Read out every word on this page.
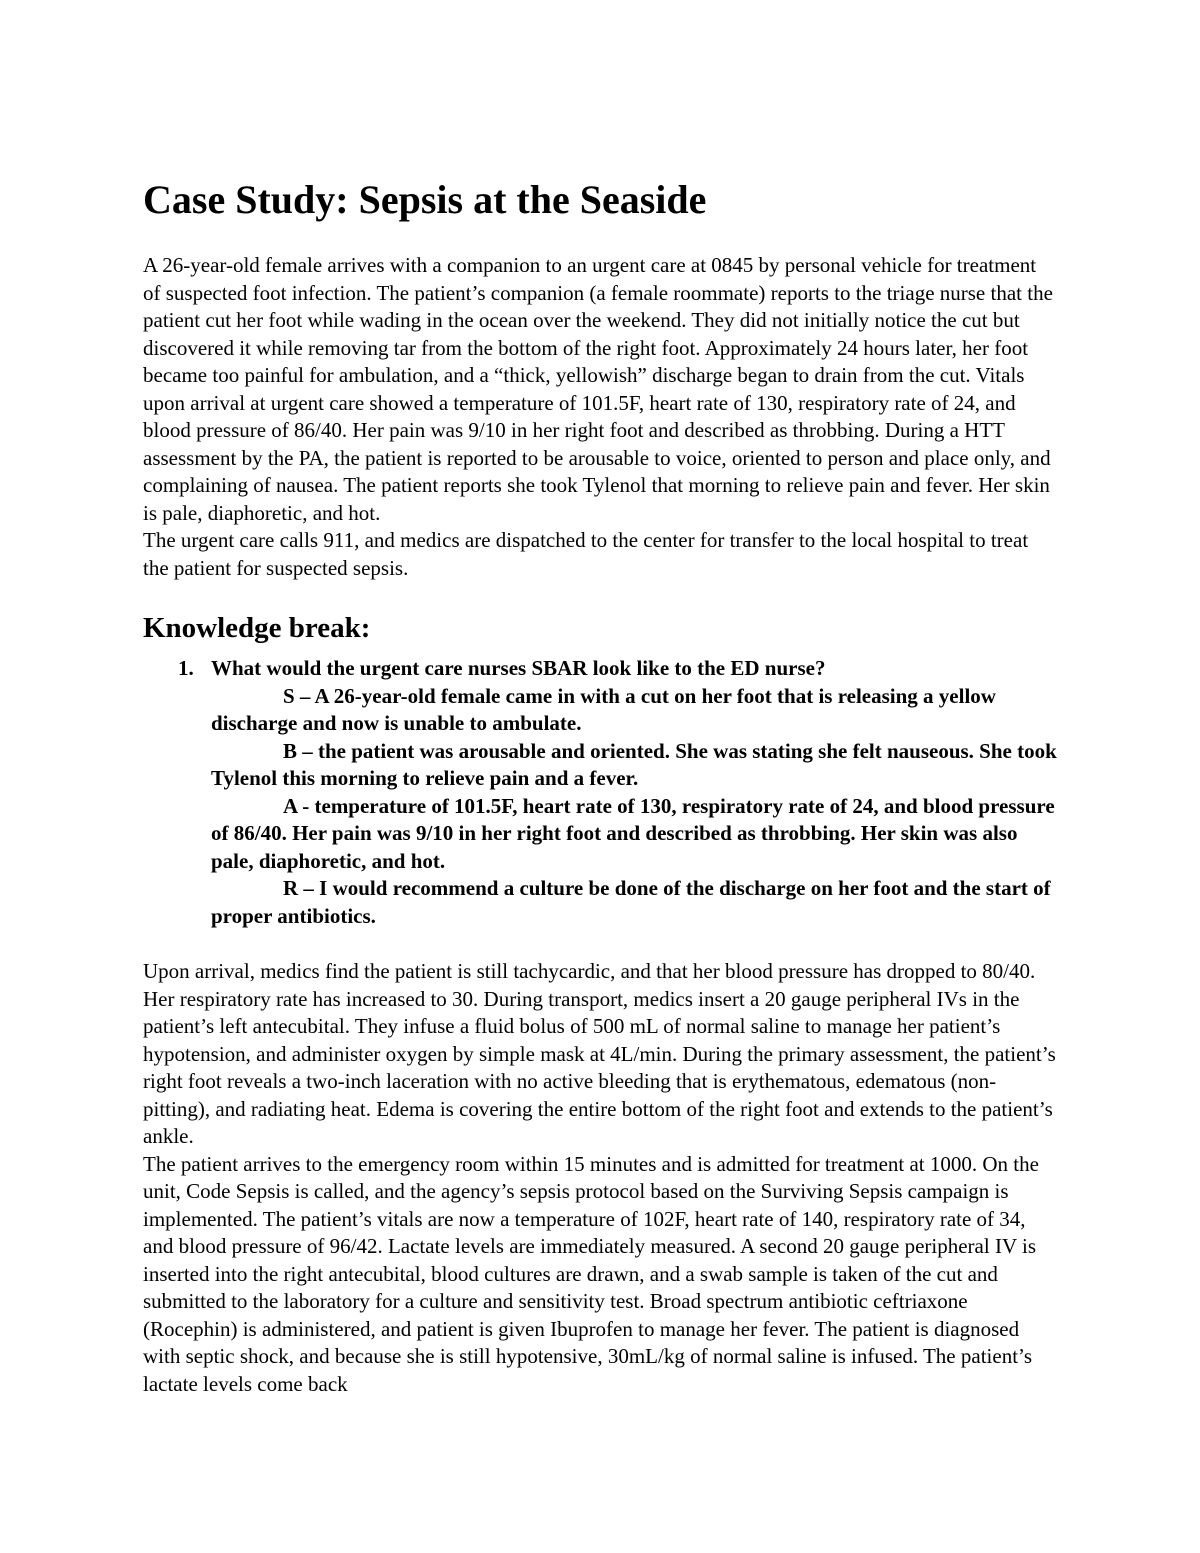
Case Study: Sepsis at the Seaside

A 26-year-old female arrives with a companion to an urgent care at 0845 by personal vehicle for treatment of suspected foot infection. The patient’s companion (a female roommate) reports to the triage nurse that the patient cut her foot while wading in the ocean over the weekend. They did not initially notice the cut but discovered it while removing tar from the bottom of the right foot. Approximately 24 hours later, her foot became too painful for ambulation, and a “thick, yellowish” discharge began to drain from the cut. Vitals upon arrival at urgent care showed a temperature of 101.5F, heart rate of 130, respiratory rate of 24, and blood pressure of 86/40. Her pain was 9/10 in her right foot and described as throbbing. During a HTT assessment by the PA, the patient is reported to be arousable to voice, oriented to person and place only, and complaining of nausea. The patient reports she took Tylenol that morning to relieve pain and fever. Her skin is pale, diaphoretic, and hot.

The urgent care calls 911, and medics are dispatched to the center for transfer to the local hospital to treat the patient for suspected sepsis.

Knowledge break:
1. What would the urgent care nurses SBAR look like to the ED nurse?

S – A 26-year-old female came in with a cut on her foot that is releasing a yellow discharge and now is unable to ambulate.

B – the patient was arousable and oriented. She was stating she felt nauseous. She took Tylenol this morning to relieve pain and a fever.

A - temperature of 101.5F, heart rate of 130, respiratory rate of 24, and blood pressure of 86/40. Her pain was 9/10 in her right foot and described as throbbing. Her skin was also pale, diaphoretic, and hot.

R – I would recommend a culture be done of the discharge on her foot and the start of proper antibiotics.

Upon arrival, medics find the patient is still tachycardic, and that her blood pressure has dropped to 80/40. Her respiratory rate has increased to 30. During transport, medics insert a 20 gauge peripheral IVs in the patient’s left antecubital. They infuse a fluid bolus of 500 mL of normal saline to manage her patient’s hypotension, and administer oxygen by simple mask at 4L/min. During the primary assessment, the patient’s right foot reveals a two-inch laceration with no active bleeding that is erythematous, edematous (non-pitting), and radiating heat. Edema is covering the entire bottom of the right foot and extends to the patient’s ankle.

The patient arrives to the emergency room within 15 minutes and is admitted for treatment at 1000. On the unit, Code Sepsis is called, and the agency’s sepsis protocol based on the Surviving Sepsis campaign is implemented. The patient’s vitals are now a temperature of 102F, heart rate of 140, respiratory rate of 34, and blood pressure of 96/42. Lactate levels are immediately measured. A second 20 gauge peripheral IV is inserted into the right antecubital, blood cultures are drawn, and a swab sample is taken of the cut and submitted to the laboratory for a culture and sensitivity test. Broad spectrum antibiotic ceftriaxone (Rocephin) is administered, and patient is given Ibuprofen to manage her fever. The patient is diagnosed with septic shock, and because she is still hypotensive, 30mL/kg of normal saline is infused. The patient’s lactate levels come back
